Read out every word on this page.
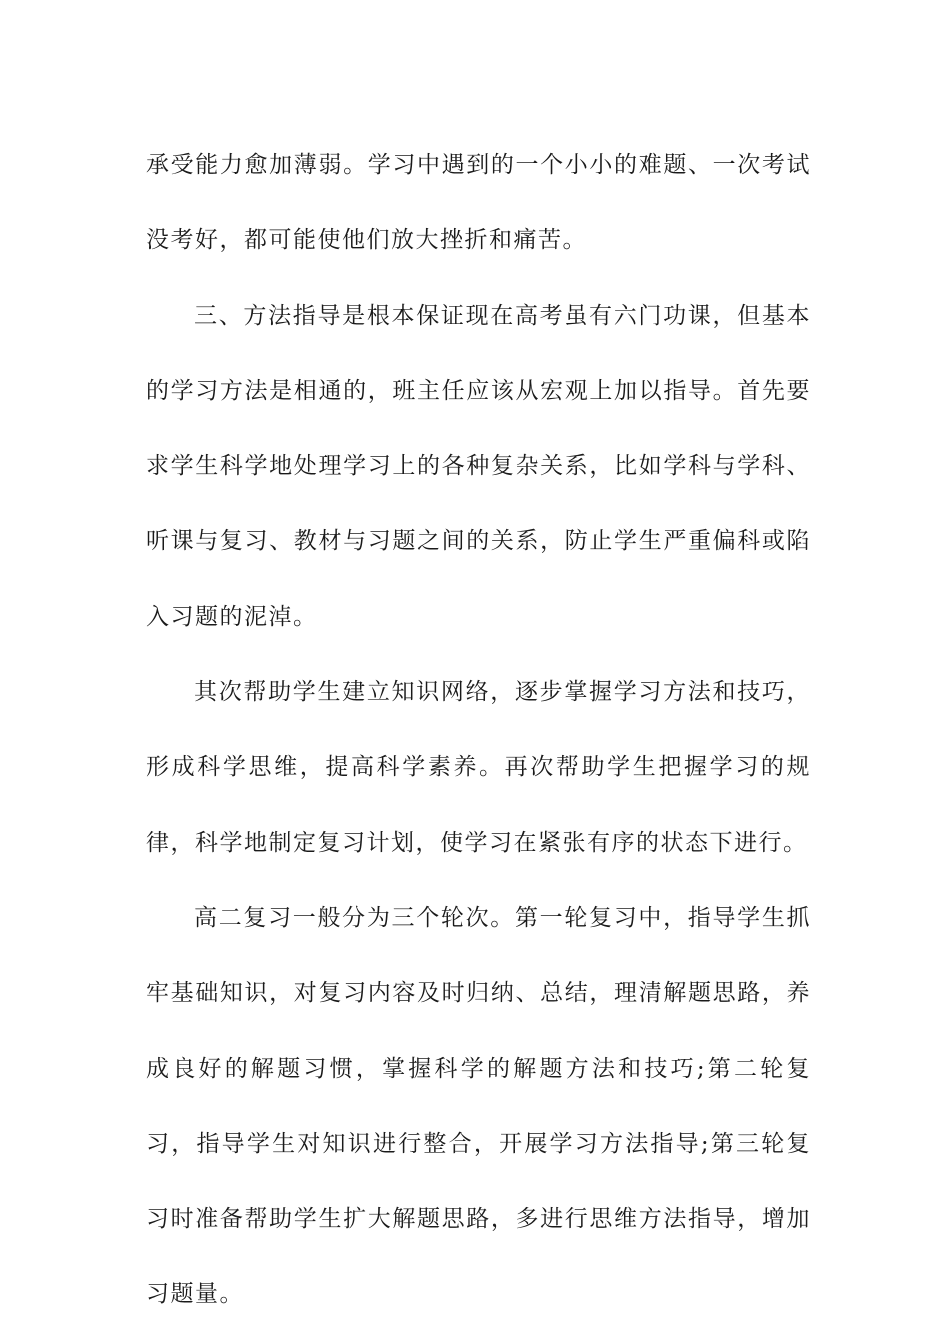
承受能力愈加薄弱。学习中遇到的一个小小的难题、一次考试没考好，都可能使他们放大挫折和痛苦。

三、方法指导是根本保证现在高考虽有六门功课，但基本的学习方法是相通的，班主任应该从宏观上加以指导。首先要求学生科学地处理学习上的各种复杂关系，比如学科与学科、听课与复习、教材与习题之间的关系，防止学生严重偏科或陷入习题的泥淖。

其次帮助学生建立知识网络，逐步掌握学习方法和技巧，形成科学思维，提高科学素养。再次帮助学生把握学习的规律，科学地制定复习计划，使学习在紧张有序的状态下进行。

高二复习一般分为三个轮次。第一轮复习中，指导学生抓牢基础知识，对复习内容及时归纳、总结，理清解题思路，养成良好的解题习惯，掌握科学的解题方法和技巧;第二轮复习，指导学生对知识进行整合，开展学习方法指导;第三轮复习时准备帮助学生扩大解题思路，多进行思维方法指导，增加习题量。
